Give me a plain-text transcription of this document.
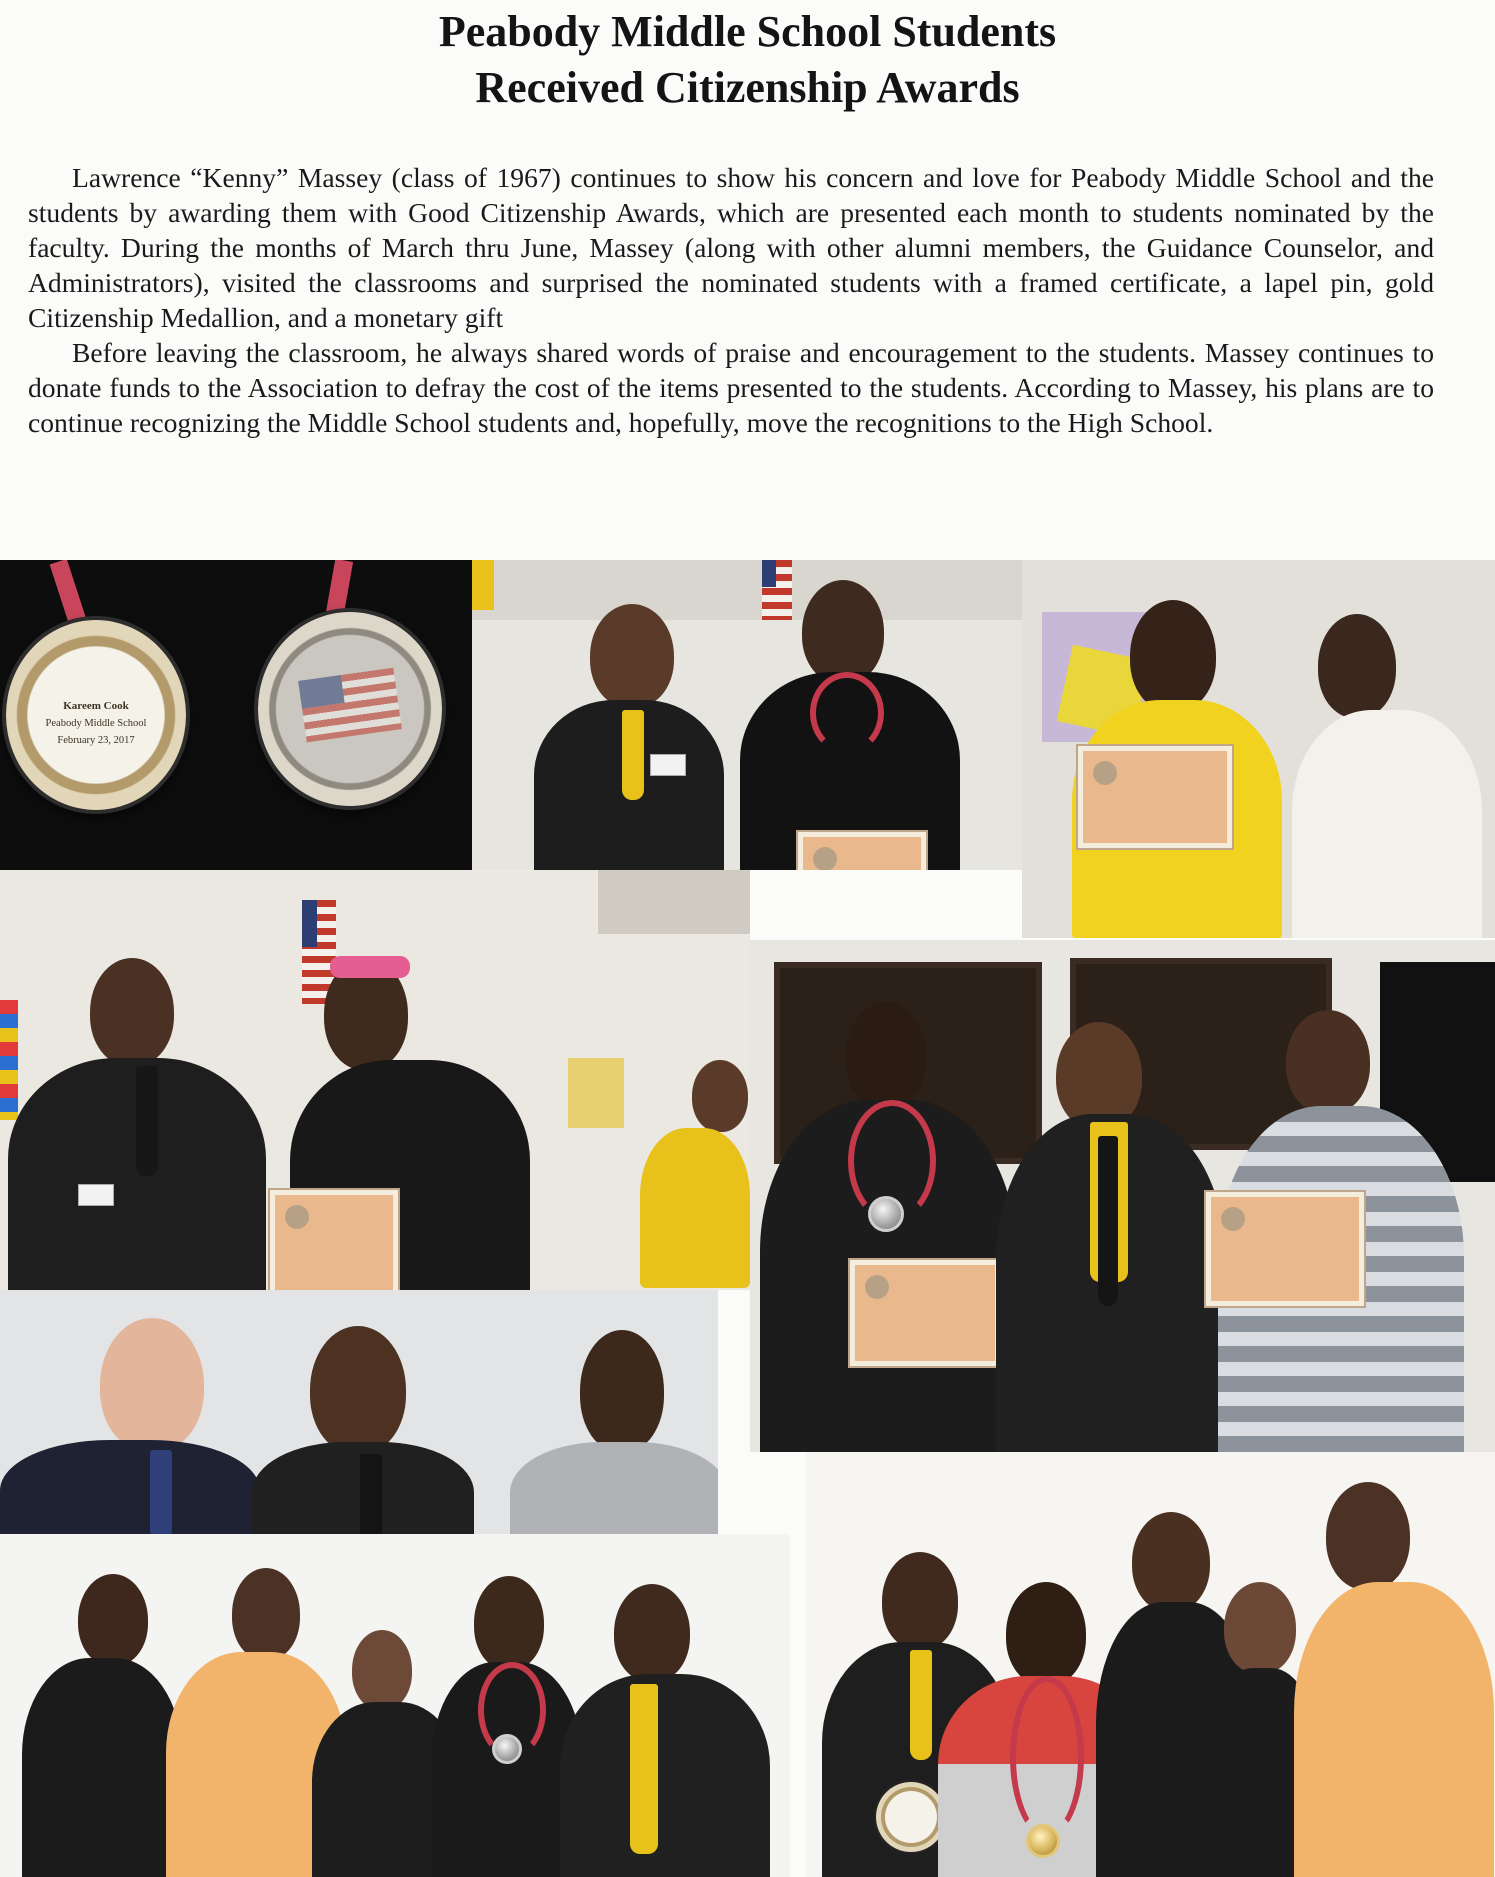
Peabody Middle School Students
Received Citizenship Awards

Lawrence “Kenny” Massey (class of 1967) continues to show his concern and love for Peabody Middle School and the students by awarding them with Good Citizenship Awards, which are presented each month to students nominated by the faculty. During the months of March thru June, Massey (along with other alumni members, the Guidance Counselor, and Administrators), visited the classrooms and surprised the nominated students with a framed certificate, a lapel pin, gold Citizenship Medallion, and a monetary gift

Before leaving the classroom, he always shared words of praise and encouragement to the students. Massey continues to donate funds to the Association to defray the cost of the items presented to the students. According to Massey, his plans are to continue recognizing the Middle School students and, hopefully, move the recognitions to the High School.

Kareem Cook
Peabody Middle School
February 23, 2017
